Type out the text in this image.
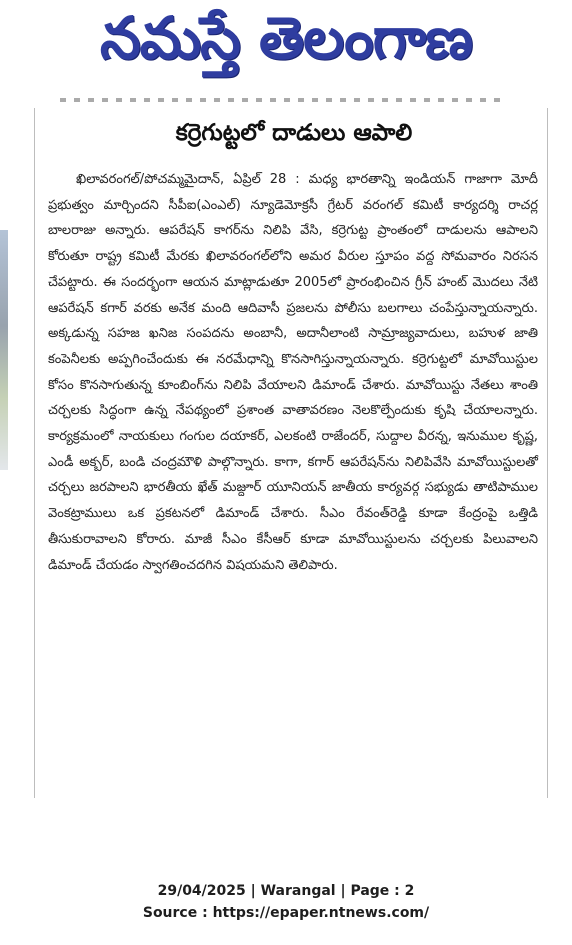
నమస్తే తెలంగాణ
కర్రెగుట్టలో దాడులు ఆపాలి

ఖిలావరంగల్/పోచమ్మమైదాన్, ఏప్రిల్ 28 : మధ్య భారతాన్ని ఇండియన్ గాజాగా మోదీ ప్రభుత్వం మార్చిందని సీపీఐ(ఎంఎల్) న్యూడెమోక్రసీ గ్రేటర్ వరంగల్ కమిటీ కార్యదర్శి రాచర్ల బాలరాజు అన్నారు. ఆపరేషన్ కాగర్‌ను నిలిపి వేసి, కర్రెగుట్ట ప్రాంతంలో దాడులను ఆపాలని కోరుతూ రాష్ట్ర కమిటీ మేరకు ఖిలావరంగల్‌లోని అమర వీరుల స్తూపం వద్ద సోమవారం నిరసన చేపట్టారు. ఈ సందర్భంగా ఆయన మాట్లాడుతూ 2005లో ప్రారంభించిన గ్రీన్ హంట్ మొదలు నేటి ఆపరేషన్ కగార్ వరకు అనేక మంది ఆదివాసీ ప్రజలను పోలీసు బలగాలు చంపేస్తున్నాయన్నారు. అక్కడున్న సహజ ఖనిజ సంపదను అంబానీ, అదానీలాంటి సామ్రాజ్యవాదులు, బహుళ జాతి కంపెనీలకు అప్పగించేందుకు ఈ నరమేధాన్ని కొనసాగిస్తున్నాయన్నారు. కర్రెగుట్టలో మావోయిస్టుల కోసం కొనసాగుతున్న కూంబింగ్‌ను నిలిపి వేయాలని డిమాండ్ చేశారు. మావోయిస్టు నేతలు శాంతి చర్చలకు సిద్ధంగా ఉన్న నేపథ్యంలో ప్రశాంత వాతావరణం నెలకొల్పేందుకు కృషి చేయాలన్నారు. కార్యక్రమంలో నాయకులు గంగుల దయాకర్, ఎలకంటి రాజేందర్, సుద్దాల వీరన్న, ఇనుముల కృష్ణ, ఎండీ అక్బర్, బండి చంద్రమౌళి పాల్గొన్నారు. కాగా, కగార్ ఆపరేషన్‌ను నిలిపివేసి మావోయిస్టులతో చర్చలు జరపాలని భారతీయ ఖేత్ మజ్దూర్ యూనియన్ జాతీయ కార్యవర్గ సభ్యుడు తాటిపాముల వెంకట్రాములు ఒక ప్రకటనలో డిమాండ్ చేశారు. సీఎం రేవంత్‌రెడ్డి కూడా కేంద్రంపై ఒత్తిడి తీసుకురావాలని కోరారు. మాజీ సీఎం కేసీఆర్ కూడా మావోయిస్టులను చర్చలకు పిలువాలని డిమాండ్ చేయడం స్వాగతించదగిన విషయమని తెలిపారు.

29/04/2025 | Warangal | Page : 2
Source : https://epaper.ntnews.com/
